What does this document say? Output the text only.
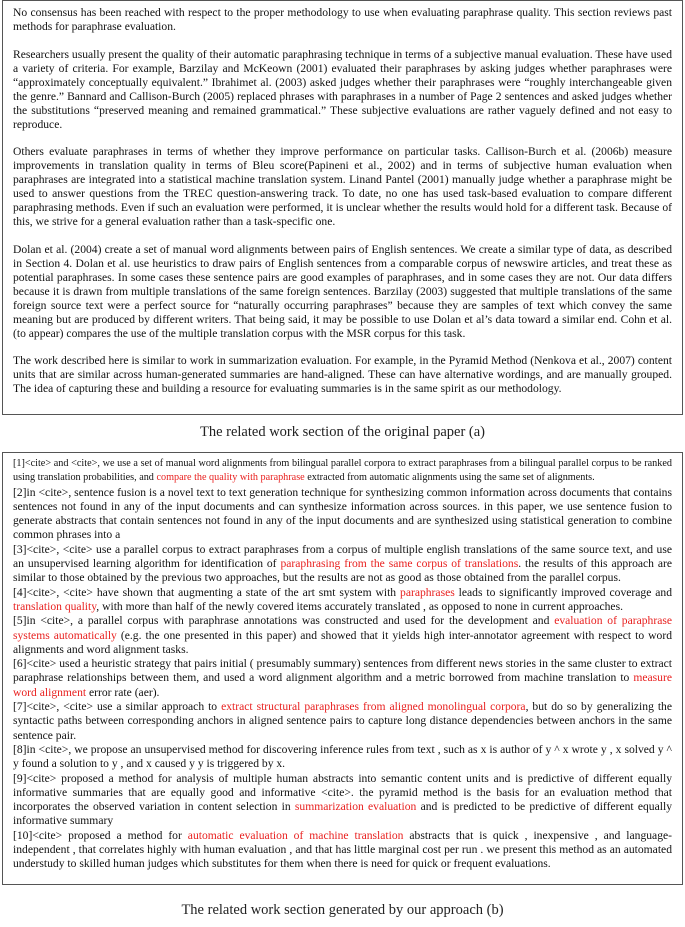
No consensus has been reached with respect to the proper methodology to use when evaluating paraphrase quality. This section reviews past methods for paraphrase evaluation.

Researchers usually present the quality of their automatic paraphrasing technique in terms of a subjective manual evaluation. These have used a variety of criteria. For example, Barzilay and McKeown (2001) evaluated their paraphrases by asking judges whether paraphrases were “approximately conceptually equivalent.” Ibrahimet al. (2003) asked judges whether their paraphrases were “roughly interchangeable given the genre.” Bannard and Callison-Burch (2005) replaced phrases with paraphrases in a number of Page 2 sentences and asked judges whether the substitutions “preserved meaning and remained grammatical.” These subjective evaluations are rather vaguely defined and not easy to reproduce.

Others evaluate paraphrases in terms of whether they improve performance on particular tasks. Callison-Burch et al. (2006b) measure improvements in translation quality in terms of Bleu score(Papineni et al., 2002) and in terms of subjective human evaluation when paraphrases are integrated into a statistical machine translation system. Linand Pantel (2001) manually judge whether a paraphrase might be used to answer questions from the TREC question-answering track. To date, no one has used task-based evaluation to compare different paraphrasing methods. Even if such an evaluation were performed, it is unclear whether the results would hold for a different task. Because of this, we strive for a general evaluation rather than a task-specific one.

Dolan et al. (2004) create a set of manual word alignments between pairs of English sentences. We create a similar type of data, as described in Section 4. Dolan et al. use heuristics to draw pairs of English sentences from a comparable corpus of newswire articles, and treat these as potential paraphrases. In some cases these sentence pairs are good examples of paraphrases, and in some cases they are not. Our data differs because it is drawn from multiple translations of the same foreign sentences. Barzilay (2003) suggested that multiple translations of the same foreign source text were a perfect source for “naturally occurring paraphrases” because they are samples of text which convey the same meaning but are produced by different writers. That being said, it may be possible to use Dolan et al’s data toward a similar end. Cohn et al. (to appear) compares the use of the multiple translation corpus with the MSR corpus for this task.

The work described here is similar to work in summarization evaluation. For example, in the Pyramid Method (Nenkova et al., 2007) content units that are similar across human-generated summaries are hand-aligned. These can have alternative wordings, and are manually grouped. The idea of capturing these and building a resource for evaluating summaries is in the same spirit as our methodology.

The related work section of the original paper (a)

[1]<cite> and <cite>, we use a set of manual word alignments from bilingual parallel corpora to extract paraphrases from a bilingual parallel corpus to be ranked using translation probabilities, and compare the quality with paraphrase extracted from automatic alignments using the same set of alignments.

[2]in <cite>, sentence fusion is a novel text to text generation technique for synthesizing common information across documents that contains sentences not found in any of the input documents and can synthesize information across sources. in this paper, we use sentence fusion to generate abstracts that contain sentences not found in any of the input documents and are synthesized using statistical generation to combine common phrases into a

[3]<cite>, <cite> use a parallel corpus to extract paraphrases from a corpus of multiple english translations of the same source text, and use an unsupervised learning algorithm for identification of paraphrasing from the same corpus of translations. the results of this approach are similar to those obtained by the previous two approaches, but the results are not as good as those obtained from the parallel corpus.

[4]<cite>, <cite> have shown that augmenting a state of the art smt system with paraphrases leads to significantly improved coverage and translation quality, with more than half of the newly covered items accurately translated , as opposed to none in current approaches.

[5]in <cite>, a parallel corpus with paraphrase annotations was constructed and used for the development and evaluation of paraphrase systems automatically (e.g. the one presented in this paper) and showed that it yields high inter-annotator agreement with respect to word alignments and word alignment tasks.

[6]<cite> used a heuristic strategy that pairs initial ( presumably summary) sentences from different news stories in the same cluster to extract paraphrase relationships between them, and used a word alignment algorithm and a metric borrowed from machine translation to measure word alignment error rate (aer).

[7]<cite>, <cite> use a similar approach to extract structural paraphrases from aligned monolingual corpora, but do so by generalizing the syntactic paths between corresponding anchors in aligned sentence pairs to capture long distance dependencies between anchors in the same sentence pair.

[8]in <cite>, we propose an unsupervised method for discovering inference rules from text , such as x is author of y ^ x wrote y , x solved y ^ y found a solution to y , and x caused y y is triggered by x.

[9]<cite> proposed a method for analysis of multiple human abstracts into semantic content units and is predictive of different equally informative summaries that are equally good and informative <cite>. the pyramid method is the basis for an evaluation method that incorporates the observed variation in content selection in summarization evaluation and is predicted to be predictive of different equally informative summary

[10]<cite> proposed a method for automatic evaluation of machine translation abstracts that is quick , inexpensive , and language-independent , that correlates highly with human evaluation , and that has little marginal cost per run . we present this method as an automated understudy to skilled human judges which substitutes for them when there is need for quick or frequent evaluations.

The related work section generated by our approach (b)
